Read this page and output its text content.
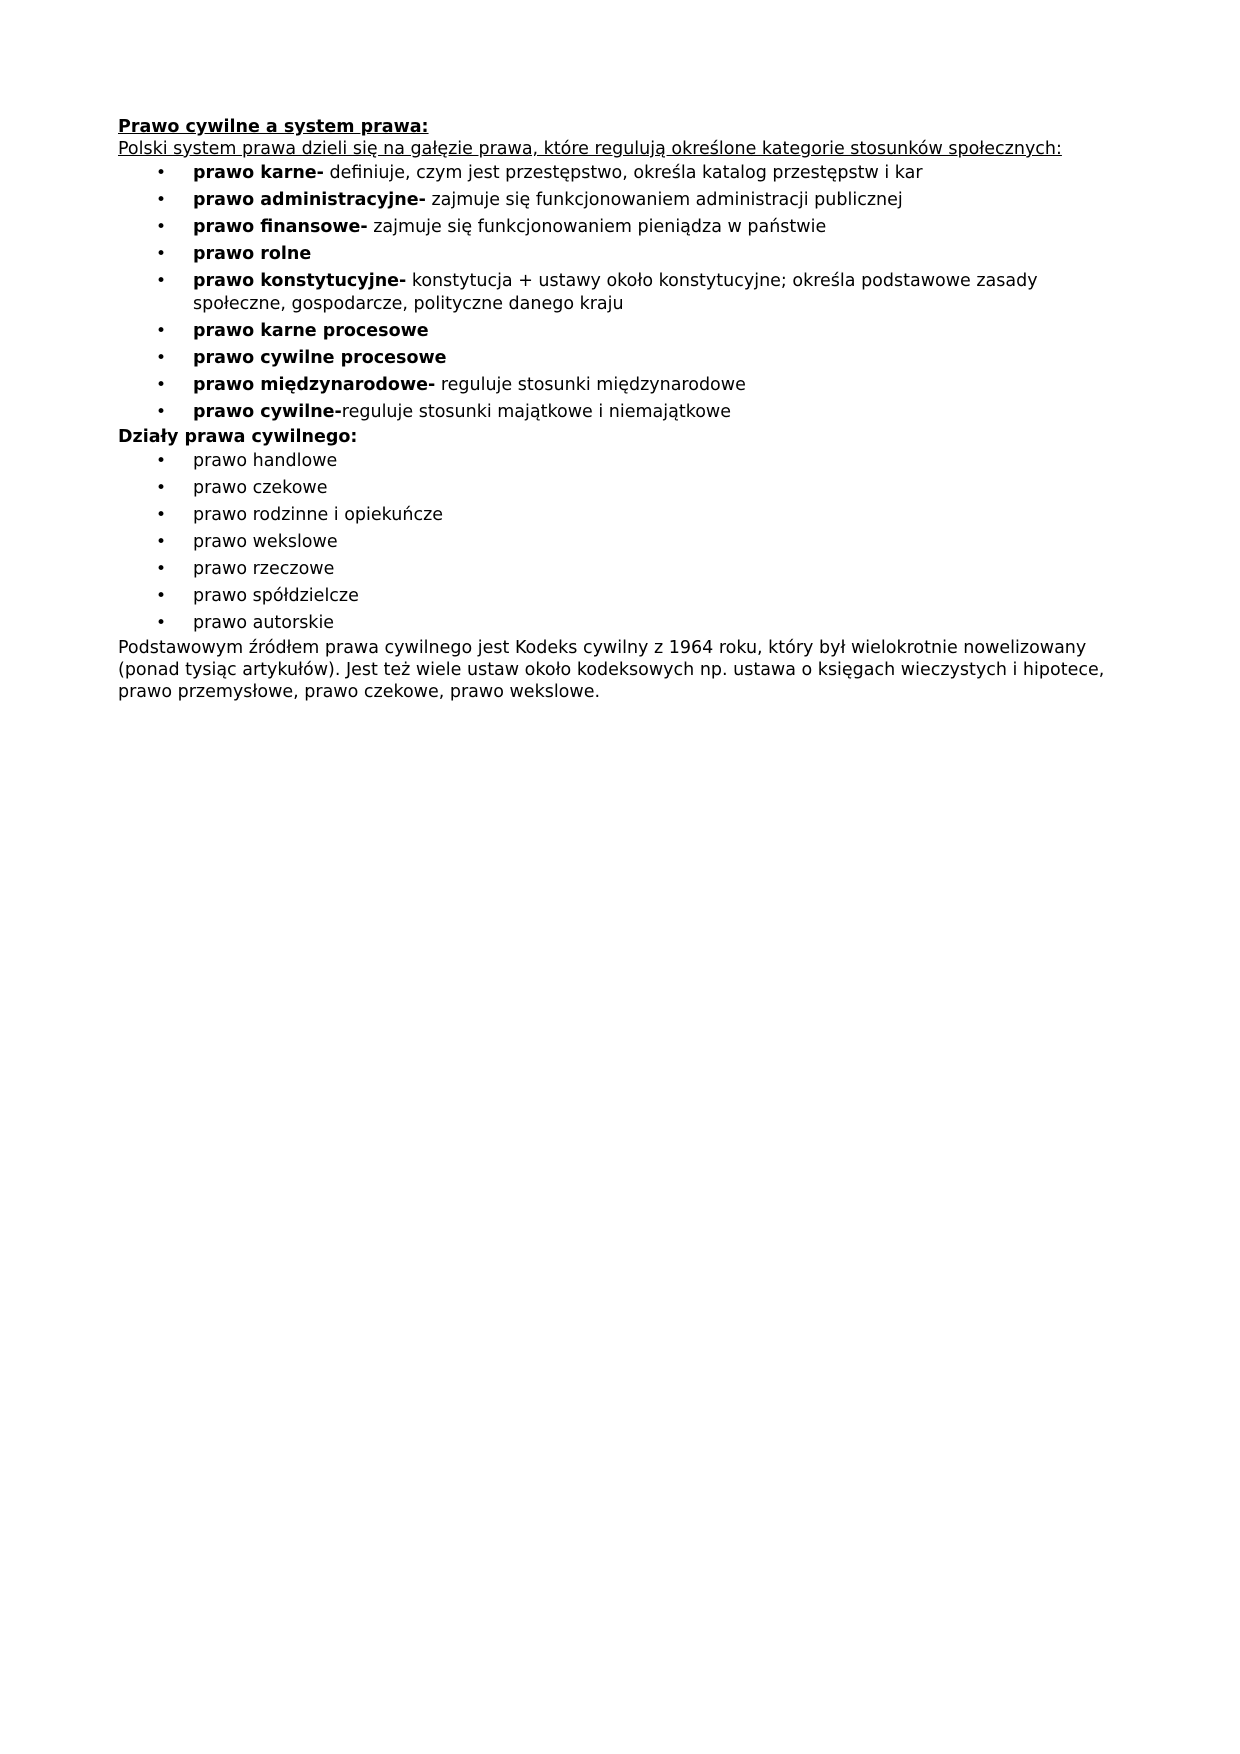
Prawo cywilne a system prawa:

Polski system prawa dzieli się na gałęzie prawa, które regulują określone kategorie stosunków społecznych:

• prawo karne- definiuje, czym jest przestępstwo, określa katalog przestępstw i kar
• prawo administracyjne- zajmuje się funkcjonowaniem administracji publicznej
• prawo finansowe- zajmuje się funkcjonowaniem pieniądza w państwie
• prawo rolne
• prawo konstytucyjne- konstytucja + ustawy około konstytucyjne; określa podstawowe zasady społeczne, gospodarcze, polityczne danego kraju
• prawo karne procesowe
• prawo cywilne procesowe
• prawo międzynarodowe- reguluje stosunki międzynarodowe
• prawo cywilne-reguluje stosunki majątkowe i niemajątkowe

Działy prawa cywilnego:

• prawo handlowe
• prawo czekowe
• prawo rodzinne i opiekuńcze
• prawo wekslowe
• prawo rzeczowe
• prawo spółdzielcze
• prawo autorskie

Podstawowym źródłem prawa cywilnego jest Kodeks cywilny z 1964 roku, który był wielokrotnie nowelizowany (ponad tysiąc artykułów). Jest też wiele ustaw około kodeksowych np. ustawa o księgach wieczystych i hipotece, prawo przemysłowe, prawo czekowe, prawo wekslowe.
